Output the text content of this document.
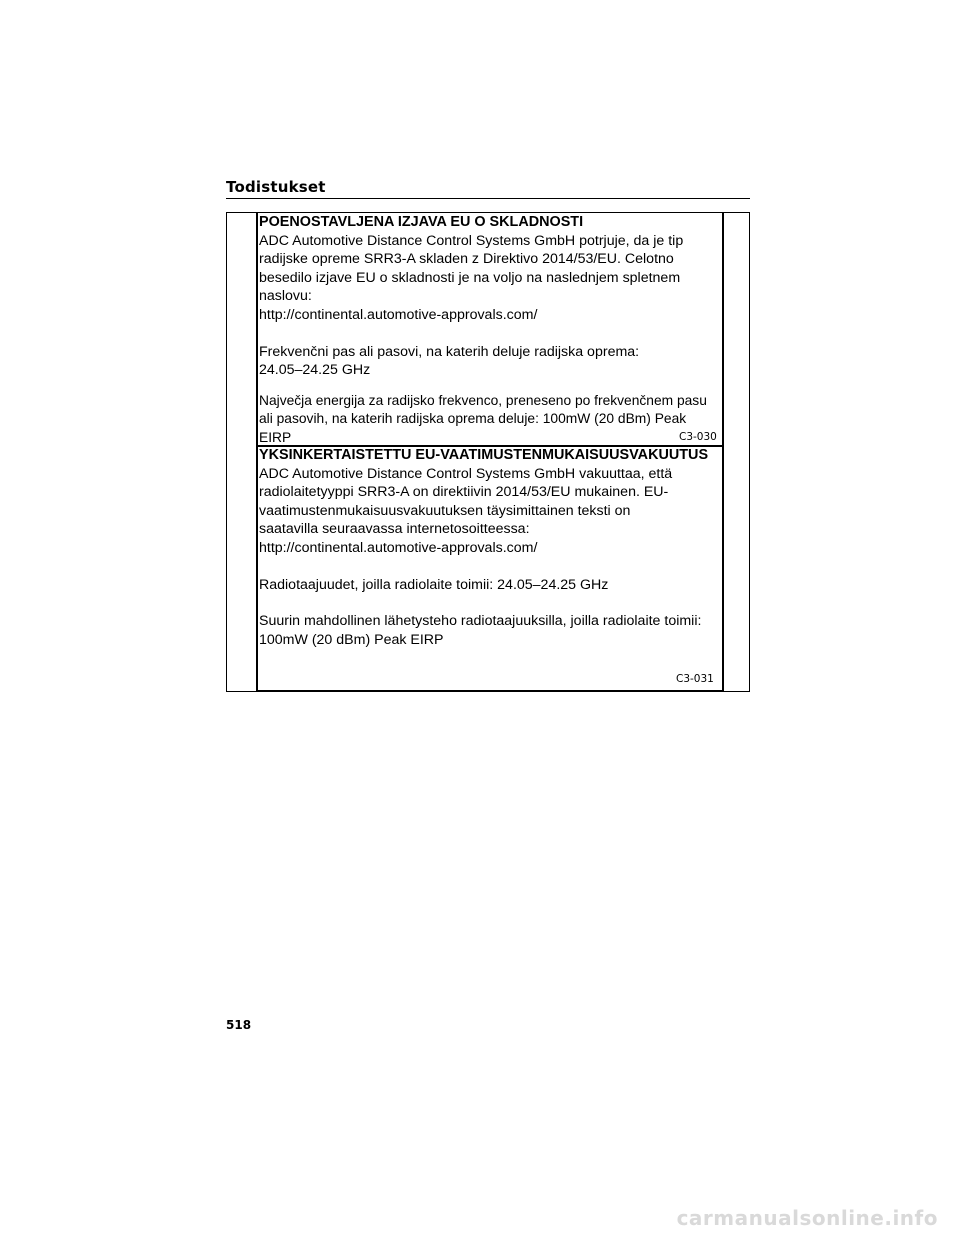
Todistukset

POENOSTAVLJENA IZJAVA EU O SKLADNOSTI

ADC Automotive Distance Control Systems GmbH potrjuje, da je tip radijske opreme SRR3-A skladen z Direktivo 2014/53/EU. Celotno besedilo izjave EU o skladnosti je na voljo na naslednjem spletnem naslovu:

http://continental.automotive-approvals.com/

Frekvenčni pas ali pasovi, na katerih deluje radijska oprema: 24.05–24.25 GHz

Največja energija za radijsko frekvenco, preneseno po frekvenčnem pasu ali pasovih, na katerih radijska oprema deluje: 100mW (20 dBm) Peak EIRP	C3-030

YKSINKERTAISTETTU EU-VAATIMUSTENMUKAISUUSVAKUUTUS

ADC Automotive Distance Control Systems GmbH vakuuttaa, että radiolaitetyyppi SRR3-A on direktiivin 2014/53/EU mukainen. EU-vaatimustenmukaisuusvakuutuksen täysimittainen teksti on saatavilla seuraavassa internetosoitteessa:

http://continental.automotive-approvals.com/

Radiotaajuudet, joilla radiolaite toimii: 24.05–24.25 GHz

Suurin mahdollinen lähetysteho radiotaajuuksilla, joilla radiolaite toimii: 100mW (20 dBm) Peak EIRP

C3-031
518
carmanualsonline.info
